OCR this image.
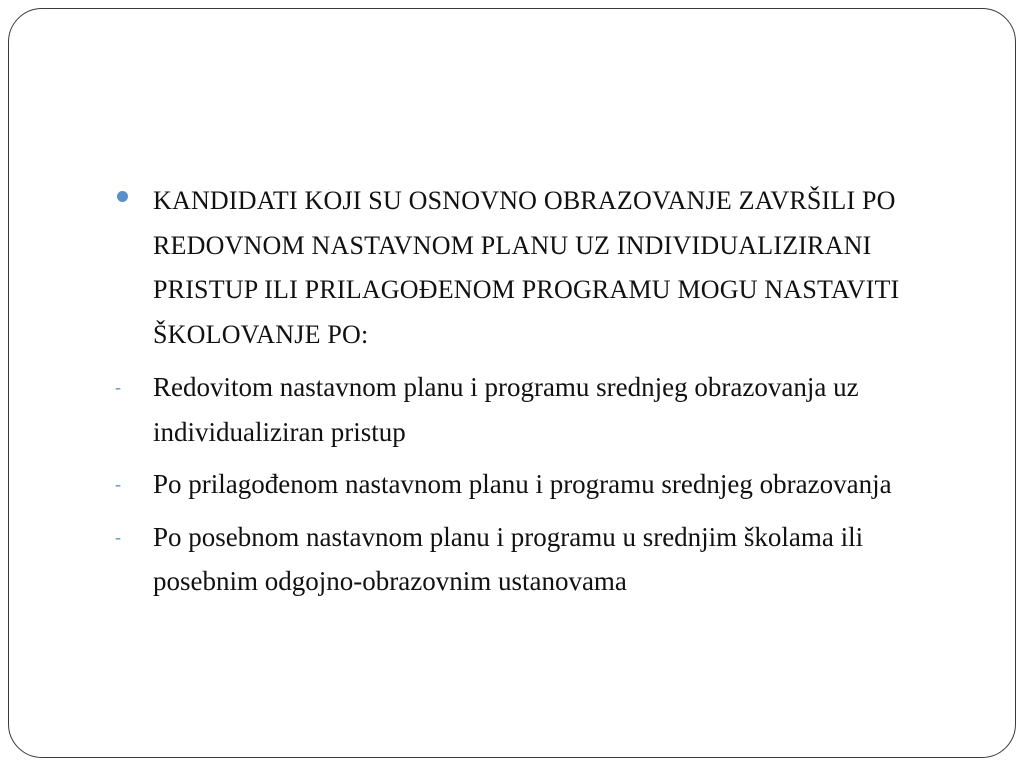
KANDIDATI KOJI SU OSNOVNO OBRAZOVANJE ZAVRŠILI PO REDOVNOM NASTAVNOM PLANU UZ INDIVIDUALIZIRANI PRISTUP ILI PRILAGOĐENOM PROGRAMU MOGU NASTAVITI ŠKOLOVANJE PO:
- Redovitom nastavnom planu i programu srednjeg obrazovanja uz individualiziran pristup
- Po prilagođenom nastavnom planu i programu srednjeg obrazovanja
- Po posebnom nastavnom planu i programu u srednjim školama ili posebnim odgojno-obrazovnim ustanovama
